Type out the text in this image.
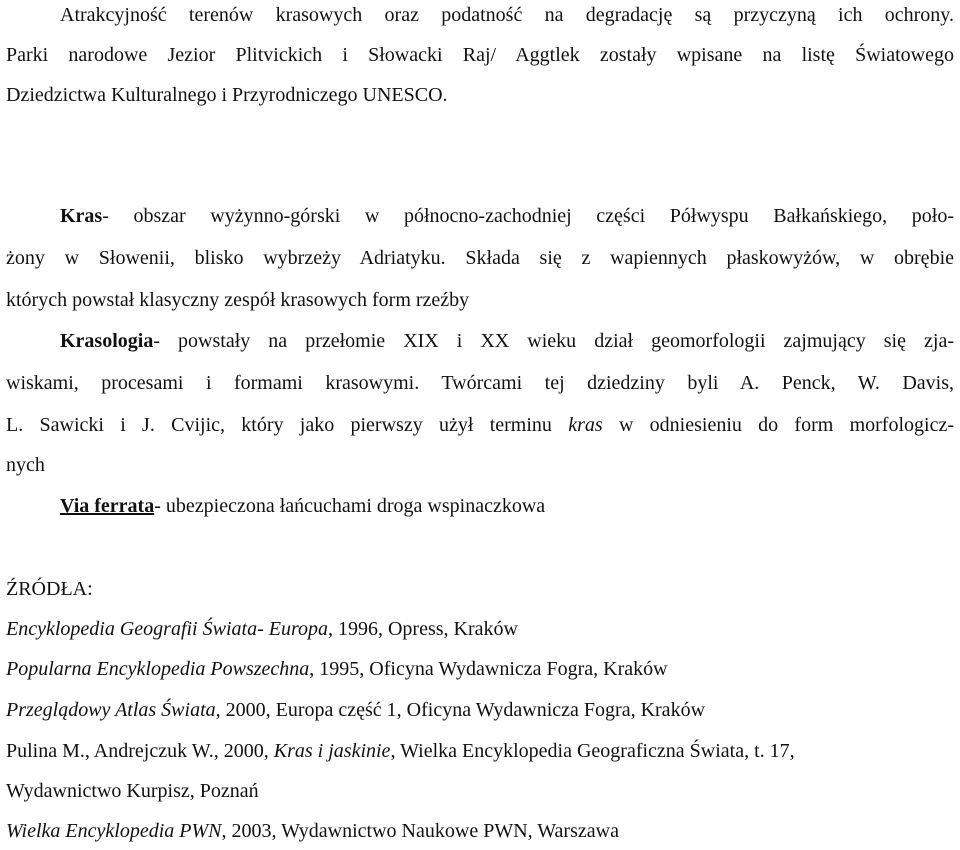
Atrakcyjność terenów krasowych oraz podatność na degradację są przyczyną ich ochrony.
Parki narodowe Jezior Plitvickich i Słowacki Raj/ Aggtlek zostały wpisane na listę Światowego
Dziedzictwa Kulturalnego i Przyrodniczego UNESCO.
Kras- obszar wyżynno-górski w północno-zachodniej części Półwyspu Bałkańskiego, poło-
żony w Słowenii, blisko wybrzeży Adriatyku. Składa się z wapiennych płaskowyżów, w obrębie
których powstał klasyczny zespół krasowych form rzeźby
Krasologia- powstały na przełomie XIX i XX wieku dział geomorfologii zajmujący się zja-
wiskami, procesami i formami krasowymi. Twórcami tej dziedziny byli A. Penck, W. Davis,
L. Sawicki i J. Cvijic, który jako pierwszy użył terminu kras w odniesieniu do form morfologicz-
nych
Via ferrata- ubezpieczona łańcuchami droga wspinaczkowa
ŹRÓDŁA:
Encyklopedia Geografii Świata- Europa, 1996, Opress, Kraków
Popularna Encyklopedia Powszechna, 1995, Oficyna Wydawnicza Fogra, Kraków
Przeglądowy Atlas Świata, 2000, Europa część 1, Oficyna Wydawnicza Fogra, Kraków
Pulina M., Andrejczuk W., 2000, Kras i jaskinie, Wielka Encyklopedia Geograficzna Świata, t. 17,
Wydawnictwo Kurpisz, Poznań
Wielka Encyklopedia PWN, 2003, Wydawnictwo Naukowe PWN, Warszawa
